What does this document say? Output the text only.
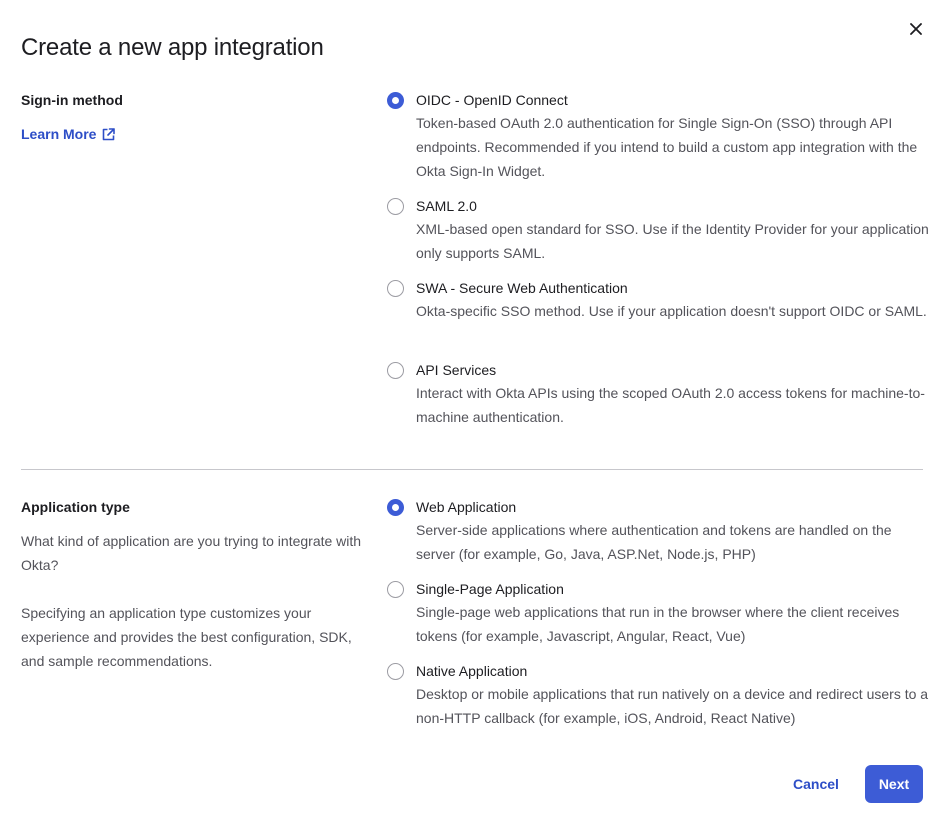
Create a new app integration
Sign-in method
Learn More
OIDC - OpenID Connect
Token-based OAuth 2.0 authentication for Single Sign-On (SSO) through API endpoints. Recommended if you intend to build a custom app integration with the Okta Sign-In Widget.
SAML 2.0
XML-based open standard for SSO. Use if the Identity Provider for your application only supports SAML.
SWA - Secure Web Authentication
Okta-specific SSO method. Use if your application doesn't support OIDC or SAML.
API Services
Interact with Okta APIs using the scoped OAuth 2.0 access tokens for machine-to-machine authentication.
Application type
What kind of application are you trying to integrate with Okta?
Specifying an application type customizes your experience and provides the best configuration, SDK, and sample recommendations.
Web Application
Server-side applications where authentication and tokens are handled on the server (for example, Go, Java, ASP.Net, Node.js, PHP)
Single-Page Application
Single-page web applications that run in the browser where the client receives tokens (for example, Javascript, Angular, React, Vue)
Native Application
Desktop or mobile applications that run natively on a device and redirect users to a non-HTTP callback (for example, iOS, Android, React Native)
Cancel	Next
